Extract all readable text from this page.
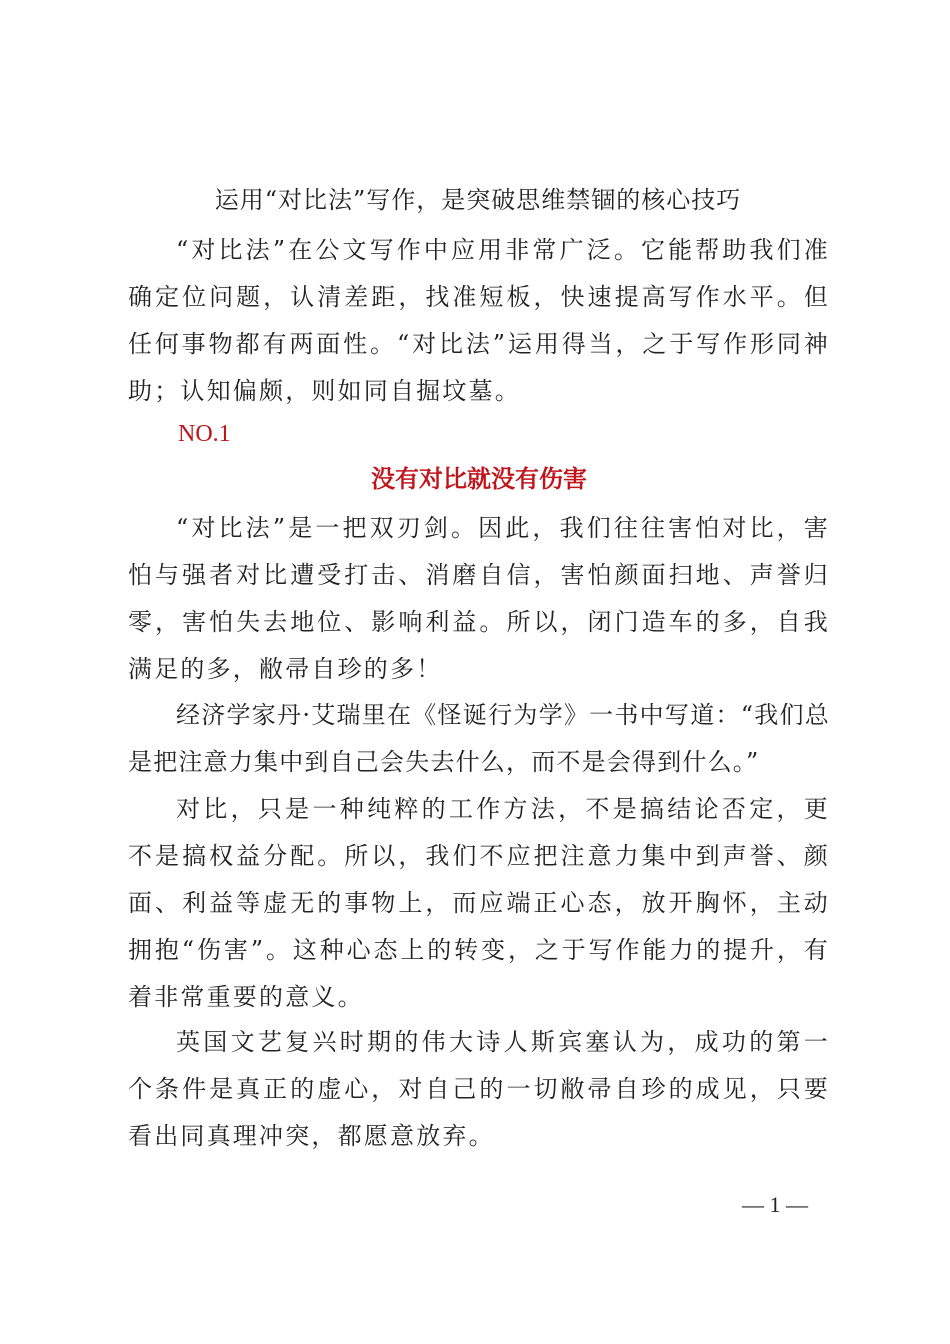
运用“对比法”写作，是突破思维禁锢的核心技巧

“对比法”在公文写作中应用非常广泛。它能帮助我们准确定位问题，认清差距，找准短板，快速提高写作水平。但任何事物都有两面性。“对比法”运用得当，之于写作形同神助；认知偏颇，则如同自掘坟墓。

NO.1
没有对比就没有伤害

“对比法”是一把双刃剑。因此，我们往往害怕对比，害怕与强者对比遭受打击、消磨自信，害怕颜面扫地、声誉归零，害怕失去地位、影响利益。所以，闭门造车的多，自我满足的多，敝帚自珍的多！

经济学家丹·艾瑞里在《怪诞行为学》一书中写道：“我们总是把注意力集中到自己会失去什么，而不是会得到什么。”

对比，只是一种纯粹的工作方法，不是搞结论否定，更不是搞权益分配。所以，我们不应把注意力集中到声誉、颜面、利益等虚无的事物上，而应端正心态，放开胸怀，主动拥抱“伤害”。这种心态上的转变，之于写作能力的提升，有着非常重要的意义。

英国文艺复兴时期的伟大诗人斯宾塞认为，成功的第一个条件是真正的虚心，对自己的一切敝帚自珍的成见，只要看出同真理冲突，都愿意放弃。

— 1 —
